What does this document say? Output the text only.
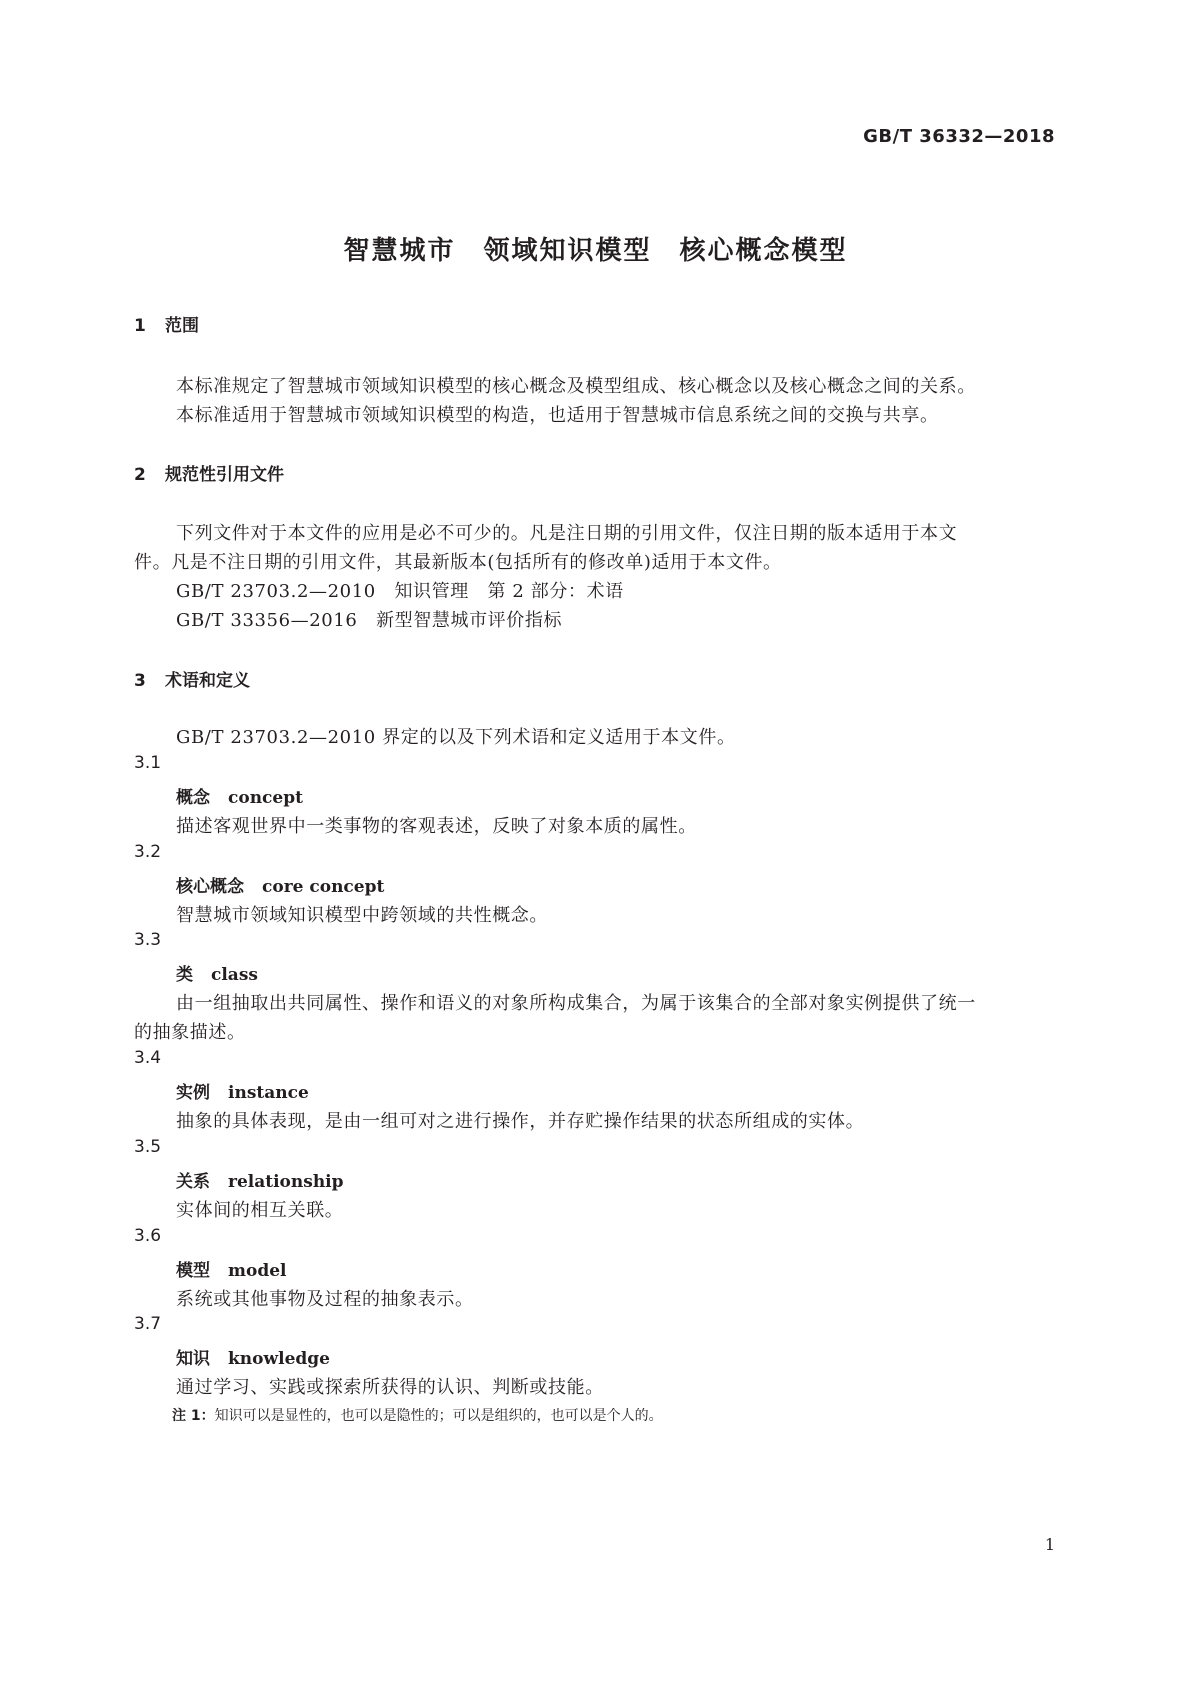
GB/T 36332—2018
智慧城市　领域知识模型　核心概念模型
1 范围
本标准规定了智慧城市领域知识模型的核心概念及模型组成、核心概念以及核心概念之间的关系。
本标准适用于智慧城市领域知识模型的构造，也适用于智慧城市信息系统之间的交换与共享。
2 规范性引用文件
下列文件对于本文件的应用是必不可少的。凡是注日期的引用文件，仅注日期的版本适用于本文
件。凡是不注日期的引用文件，其最新版本(包括所有的修改单)适用于本文件。
GB/T 23703.2—2010　知识管理　第 2 部分：术语
GB/T 33356—2016　新型智慧城市评价指标
3 术语和定义
GB/T 23703.2—2010 界定的以及下列术语和定义适用于本文件。
3.1
概念 concept
描述客观世界中一类事物的客观表述，反映了对象本质的属性。
3.2
核心概念 core concept
智慧城市领域知识模型中跨领域的共性概念。
3.3
类 class
由一组抽取出共同属性、操作和语义的对象所构成集合，为属于该集合的全部对象实例提供了统一
的抽象描述。
3.4
实例 instance
抽象的具体表现，是由一组可对之进行操作，并存贮操作结果的状态所组成的实体。
3.5
关系 relationship
实体间的相互关联。
3.6
模型 model
系统或其他事物及过程的抽象表示。
3.7
知识 knowledge
通过学习、实践或探索所获得的认识、判断或技能。
注 1：知识可以是显性的，也可以是隐性的；可以是组织的，也可以是个人的。
1
